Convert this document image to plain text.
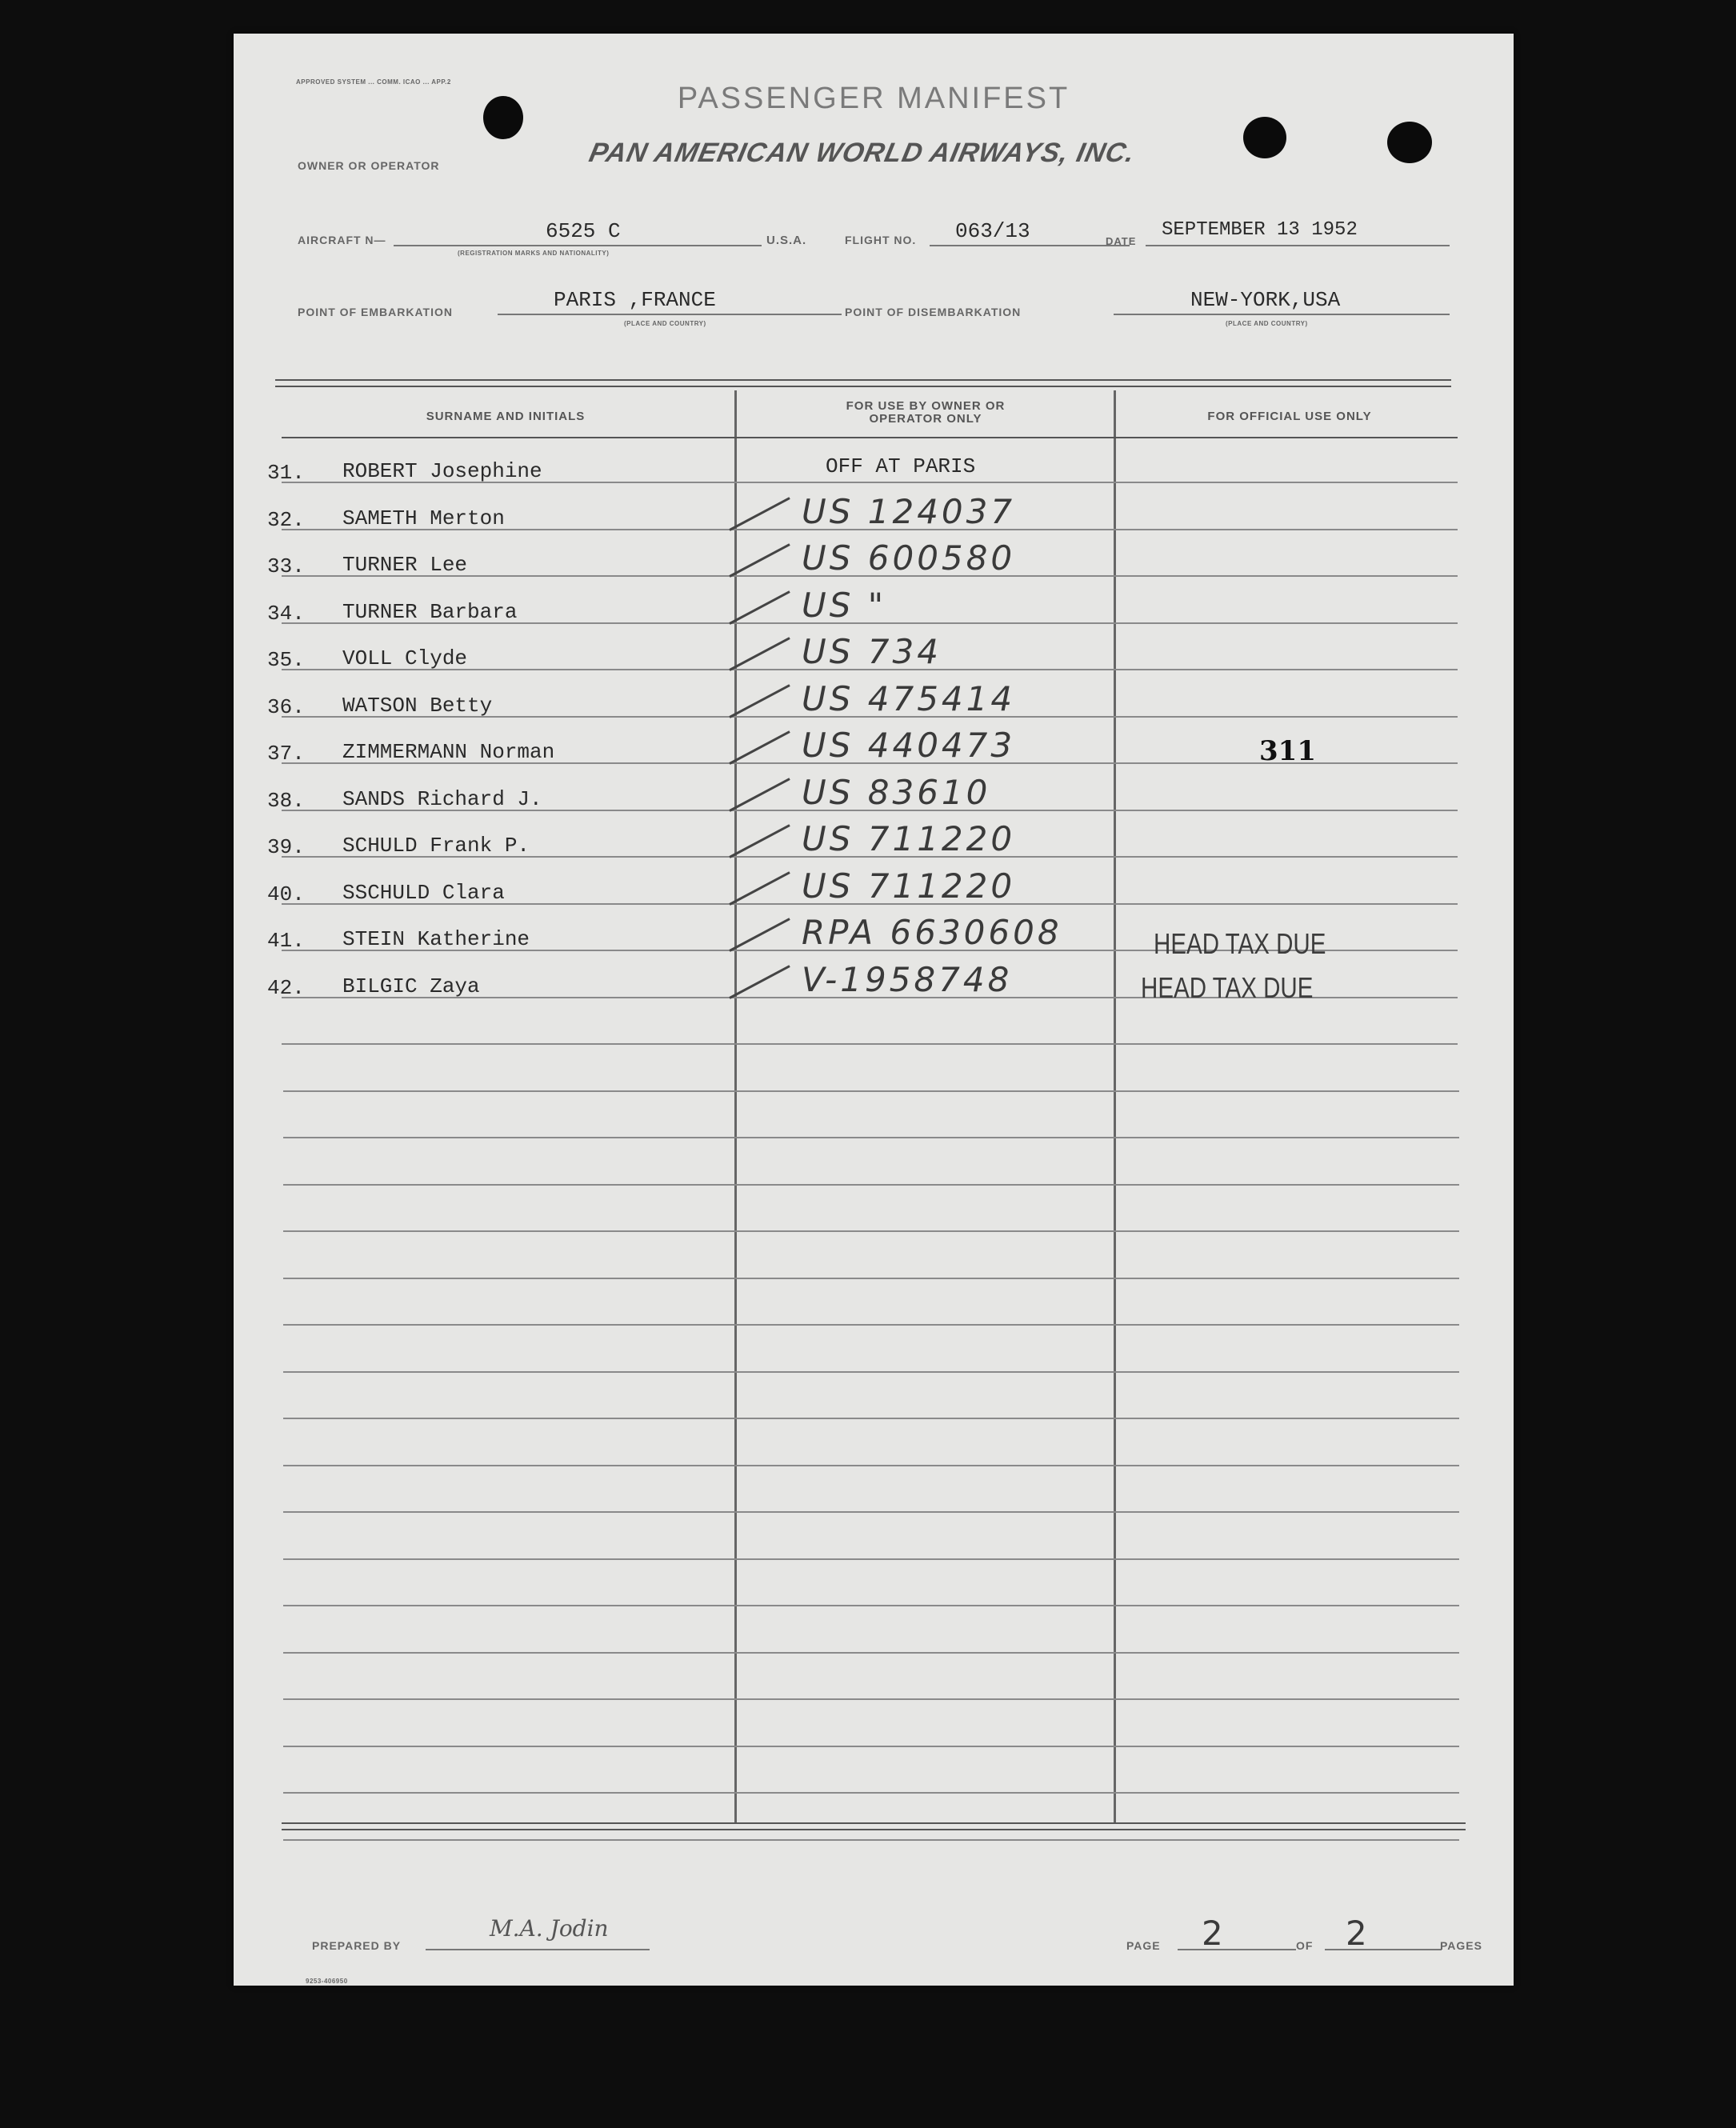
APPROVED SYSTEM ... COMM. ICAO ... APP.2	PASSENGER MANIFEST
OWNER OR OPERATOR	PAN AMERICAN WORLD AIRWAYS, INC.
AIRCRAFT N—	6525 C
(REGISTRATION MARKS AND NATIONALITY)
U.S.A.	FLIGHT NO. 063/13	DATE
SEPTEMBER 13 1952
POINT OF EMBARKATION	PARIS ,FRANCE
(PLACE AND COUNTRY)
POINT OF DISEMBARKATION	NEW-YORK,USA
(PLACE AND COUNTRY)
SURNAME AND INITIALS
FOR USE BY OWNER OR OPERATOR ONLY	FOR OFFICIAL USE ONLY
31. ROBERT Josephine	OFF AT PARIS
32. SAMETH Merton	US 124037
33. TURNER Lee	US 600580
34. TURNER Barbara	US "
35. VOLL Clyde	US 734
36. WATSON Betty	US 475414
37. ZIMMERMANN Norman	US 440473	311
38. SANDS Richard J.	US 83610
39. SCHULD Frank P.	US 711220
40. SSCHULD Clara	US 711220
41. STEIN Katherine	RPA 6630608	HEAD TAX DUE
42. BILGIC Zaya	V-1958748	HEAD TAX DUE
PREPARED BY
M.A. Jodin
PAGE 2	OF 2	PAGES
9253-406950
